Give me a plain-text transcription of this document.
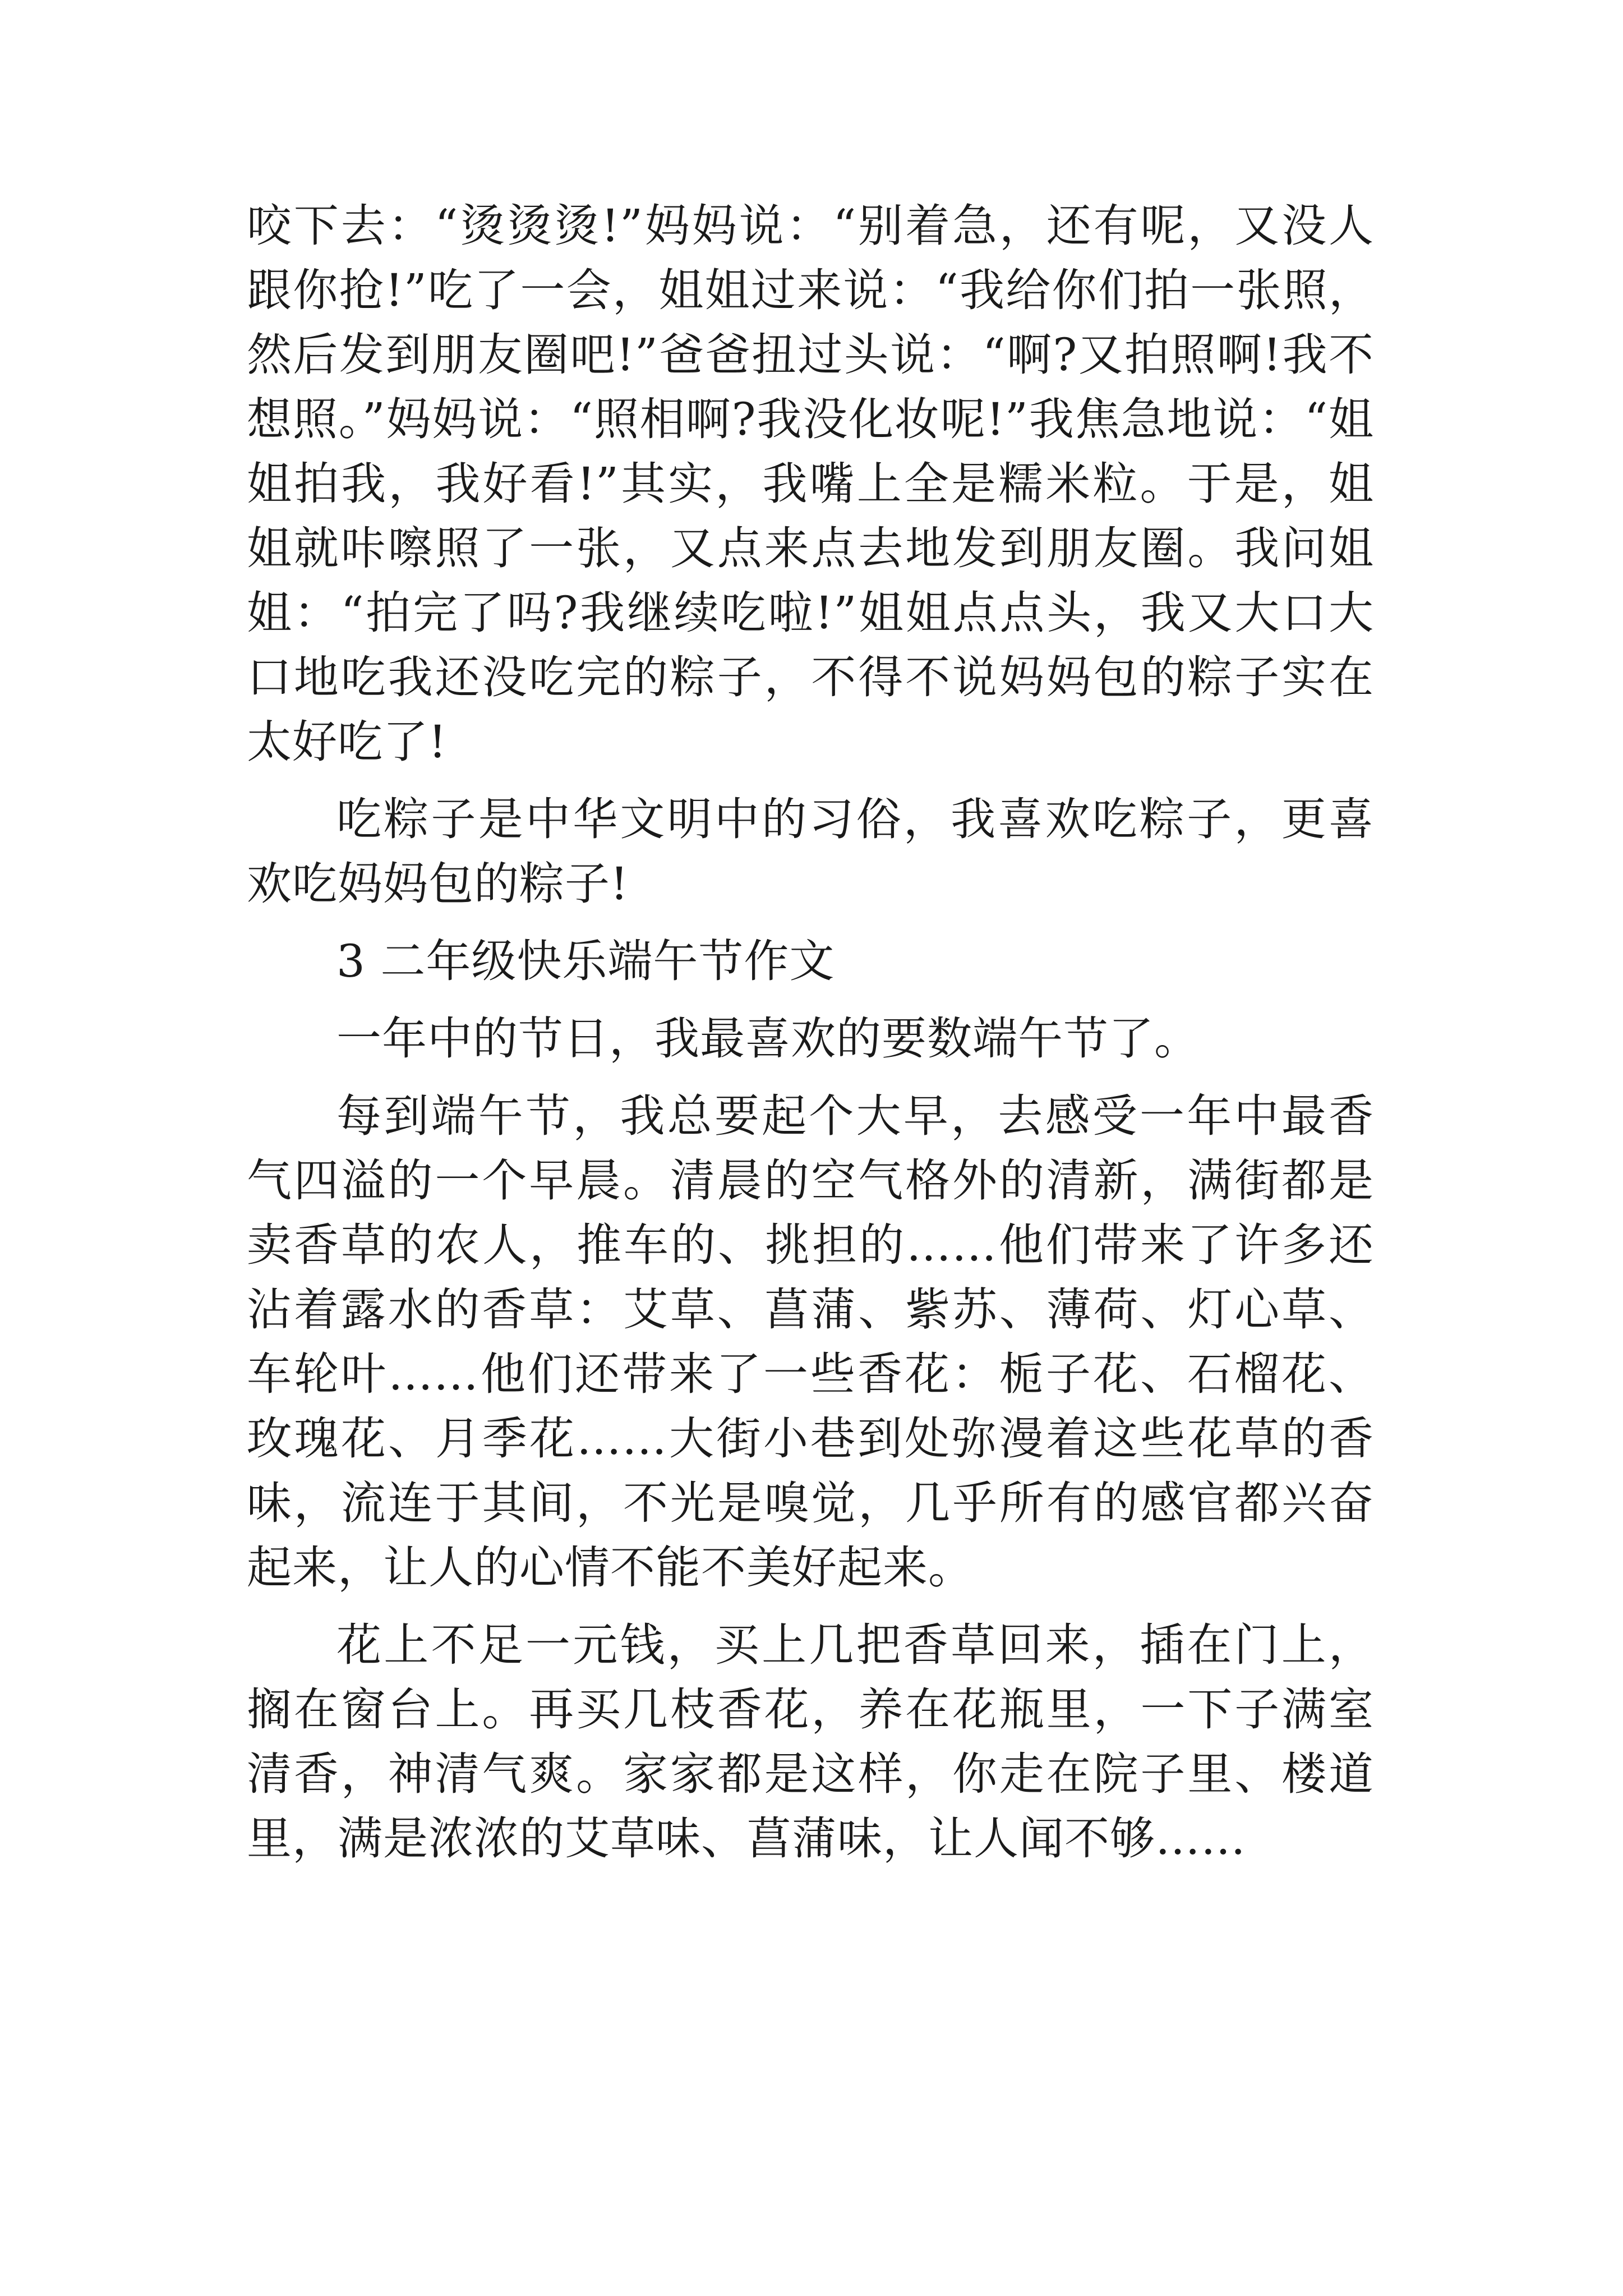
咬下去：“烫烫烫!”妈妈说：“别着急，还有呢，又没人跟你抢!”吃了一会，姐姐过来说：“我给你们拍一张照，然后发到朋友圈吧!”爸爸扭过头说：“啊?又拍照啊!我不想照。”妈妈说：“照相啊?我没化妆呢!”我焦急地说：“姐姐拍我，我好看!”其实，我嘴上全是糯米粒。于是，姐姐就咔嚓照了一张，又点来点去地发到朋友圈。我问姐姐：“拍完了吗?我继续吃啦!”姐姐点点头，我又大口大口地吃我还没吃完的粽子，不得不说妈妈包的粽子实在太好吃了!

吃粽子是中华文明中的习俗，我喜欢吃粽子，更喜欢吃妈妈包的粽子!

3 二年级快乐端午节作文

一年中的节日，我最喜欢的要数端午节了。

每到端午节，我总要起个大早，去感受一年中最香气四溢的一个早晨。清晨的空气格外的清新，满街都是卖香草的农人，推车的、挑担的……他们带来了许多还沾着露水的香草：艾草、菖蒲、紫苏、薄荷、灯心草、车轮叶……他们还带来了一些香花：栀子花、石榴花、玫瑰花、月季花……大街小巷到处弥漫着这些花草的香味，流连于其间，不光是嗅觉，几乎所有的感官都兴奋起来，让人的心情不能不美好起来。

花上不足一元钱，买上几把香草回来，插在门上，搁在窗台上。再买几枝香花，养在花瓶里，一下子满室清香，神清气爽。家家都是这样，你走在院子里、楼道里，满是浓浓的艾草味、菖蒲味，让人闻不够……
